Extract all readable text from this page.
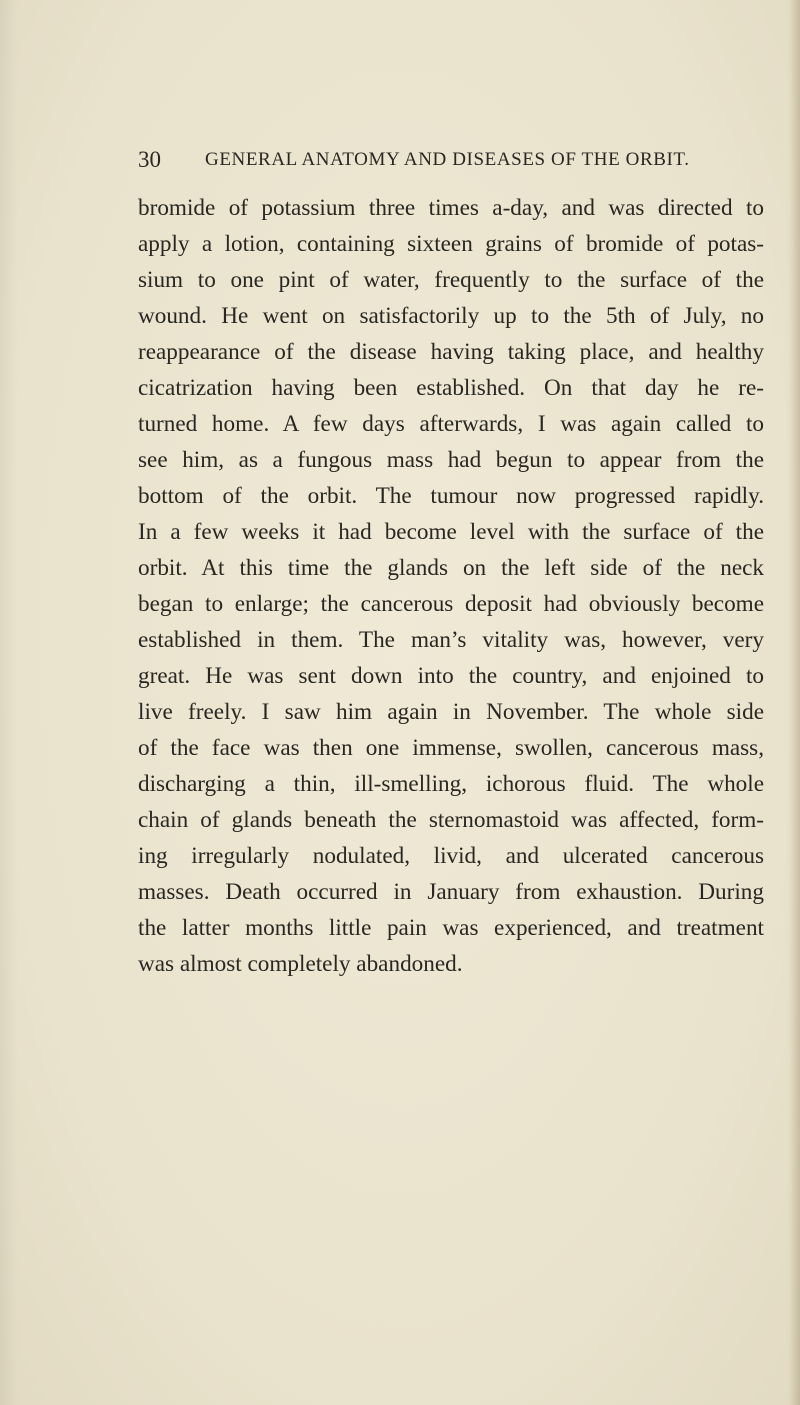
30 GENERAL ANATOMY AND DISEASES OF THE ORBIT.
bromide of potassium three times a-day, and was directed to
apply a lotion, containing sixteen grains of bromide of potas-
sium to one pint of water, frequently to the surface of the
wound. He went on satisfactorily up to the 5th of July, no
reappearance of the disease having taking place, and healthy
cicatrization having been established. On that day he re-
turned home. A few days afterwards, I was again called to
see him, as a fungous mass had begun to appear from the
bottom of the orbit. The tumour now progressed rapidly.
In a few weeks it had become level with the surface of the
orbit. At this time the glands on the left side of the neck
began to enlarge; the cancerous deposit had obviously become
established in them. The man’s vitality was, however, very
great. He was sent down into the country, and enjoined to
live freely. I saw him again in November. The whole side
of the face was then one immense, swollen, cancerous mass,
discharging a thin, ill-smelling, ichorous fluid. The whole
chain of glands beneath the sternomastoid was affected, form-
ing irregularly nodulated, livid, and ulcerated cancerous
masses. Death occurred in January from exhaustion. During
the latter months little pain was experienced, and treatment
was almost completely abandoned.
